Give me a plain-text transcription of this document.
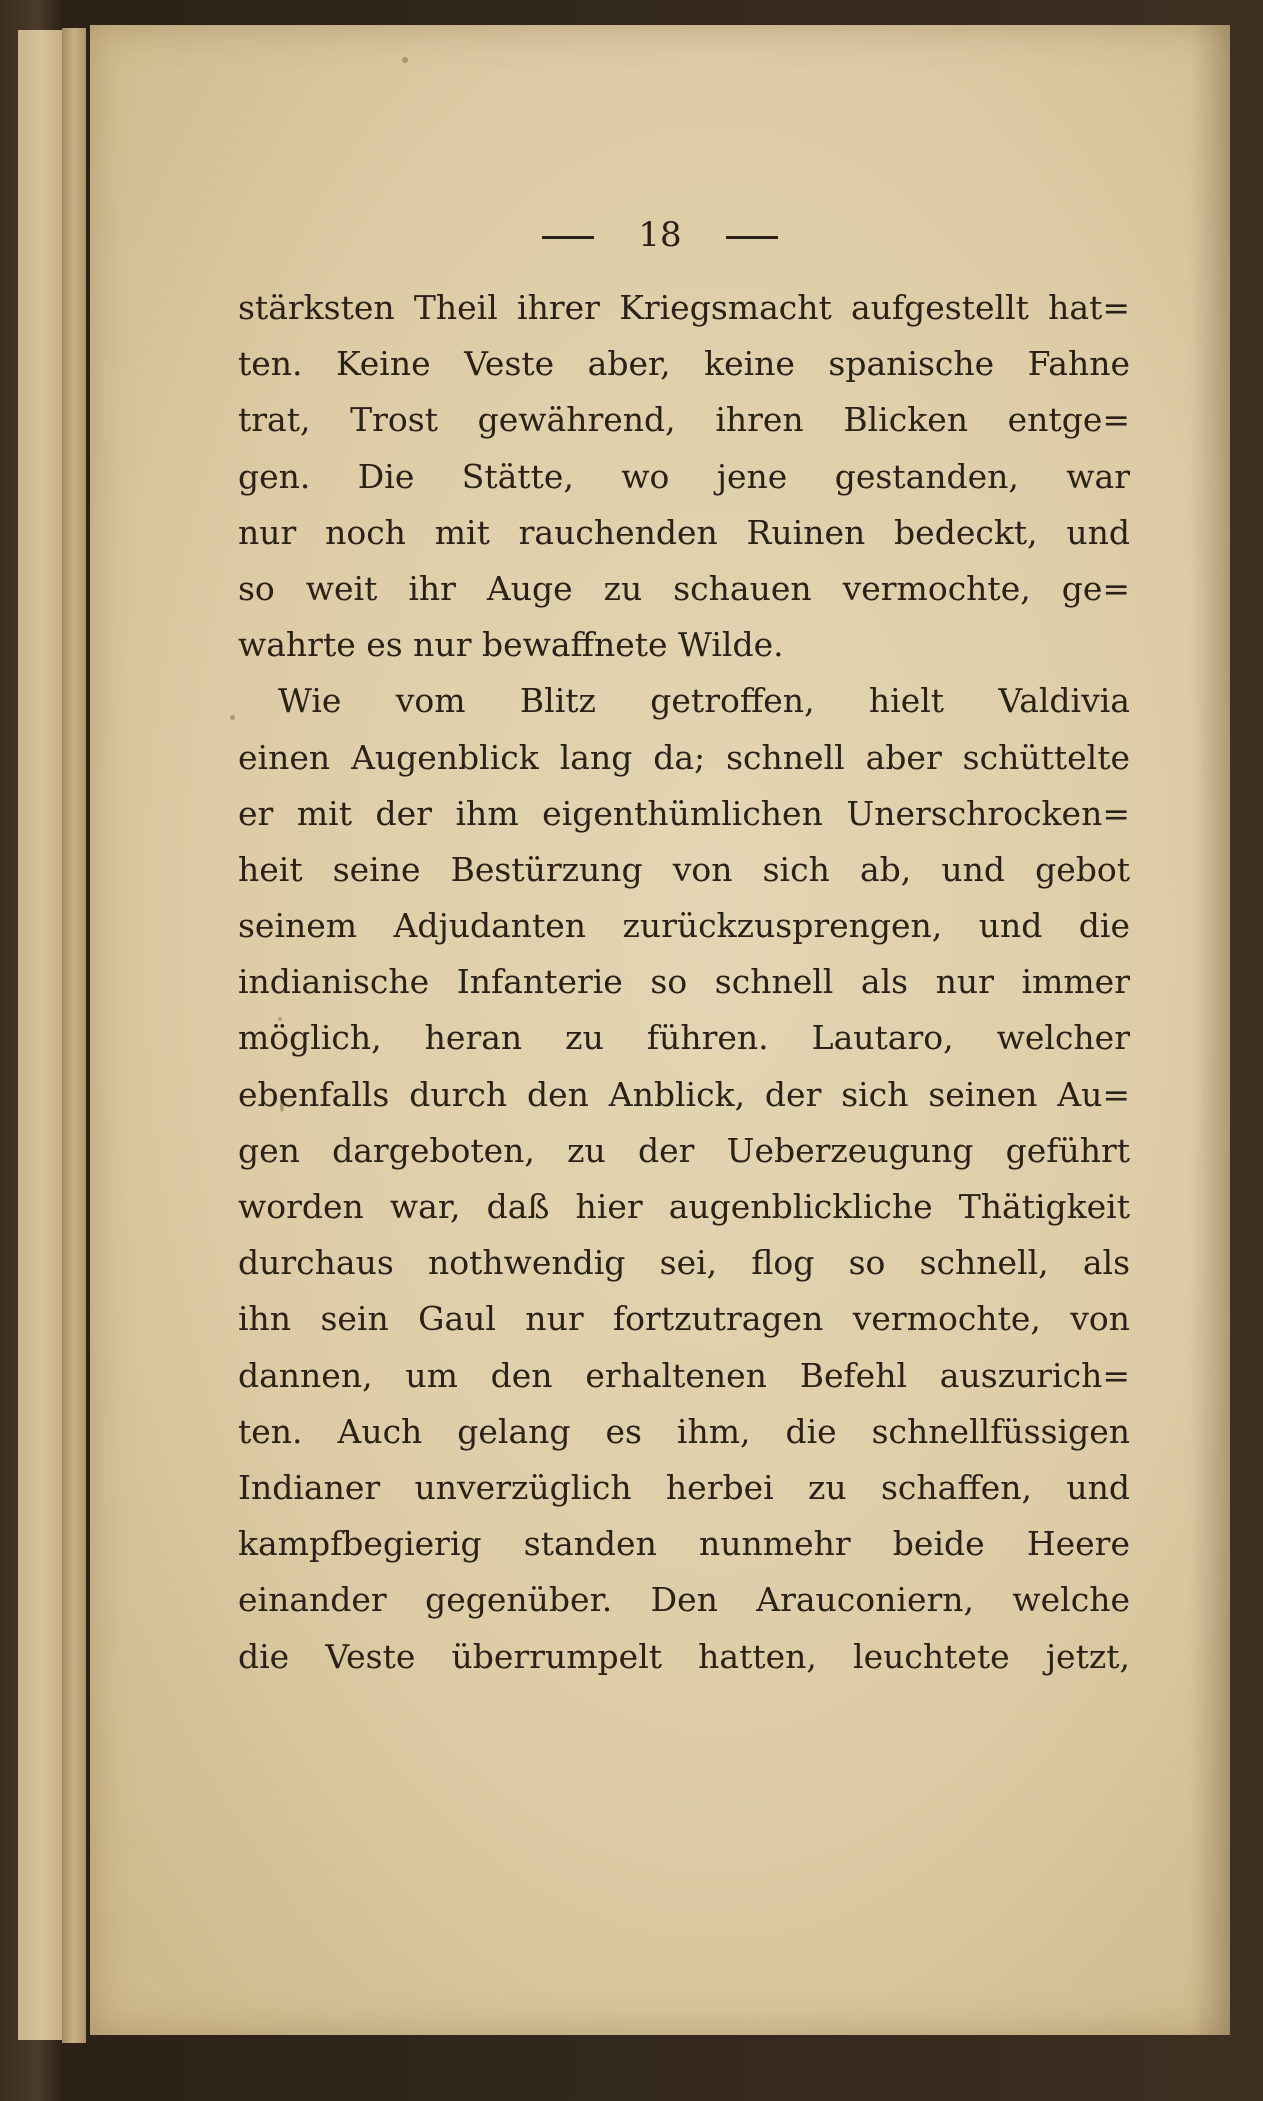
18
stärksten Theil ihrer Kriegsmacht aufgestellt hat=
ten. Keine Veste aber, keine spanische Fahne
trat, Trost gewährend, ihren Blicken entge=
gen. Die Stätte, wo jene gestanden, war
nur noch mit rauchenden Ruinen bedeckt, und
so weit ihr Auge zu schauen vermochte, ge=
wahrte es nur bewaffnete Wilde.
Wie vom Blitz getroffen, hielt Valdivia
einen Augenblick lang da; schnell aber schüttelte
er mit der ihm eigenthümlichen Unerschrocken=
heit seine Bestürzung von sich ab, und gebot
seinem Adjudanten zurückzusprengen, und die
indianische Infanterie so schnell als nur immer
möglich, heran zu führen. Lautaro, welcher
ebenfalls durch den Anblick, der sich seinen Au=
gen dargeboten, zu der Ueberzeugung geführt
worden war, daß hier augenblickliche Thätigkeit
durchaus nothwendig sei, flog so schnell, als
ihn sein Gaul nur fortzutragen vermochte, von
dannen, um den erhaltenen Befehl auszurich=
ten. Auch gelang es ihm, die schnellfüssigen
Indianer unverzüglich herbei zu schaffen, und
kampfbegierig standen nunmehr beide Heere
einander gegenüber. Den Arauconiern, welche
die Veste überrumpelt hatten, leuchtete jetzt,
